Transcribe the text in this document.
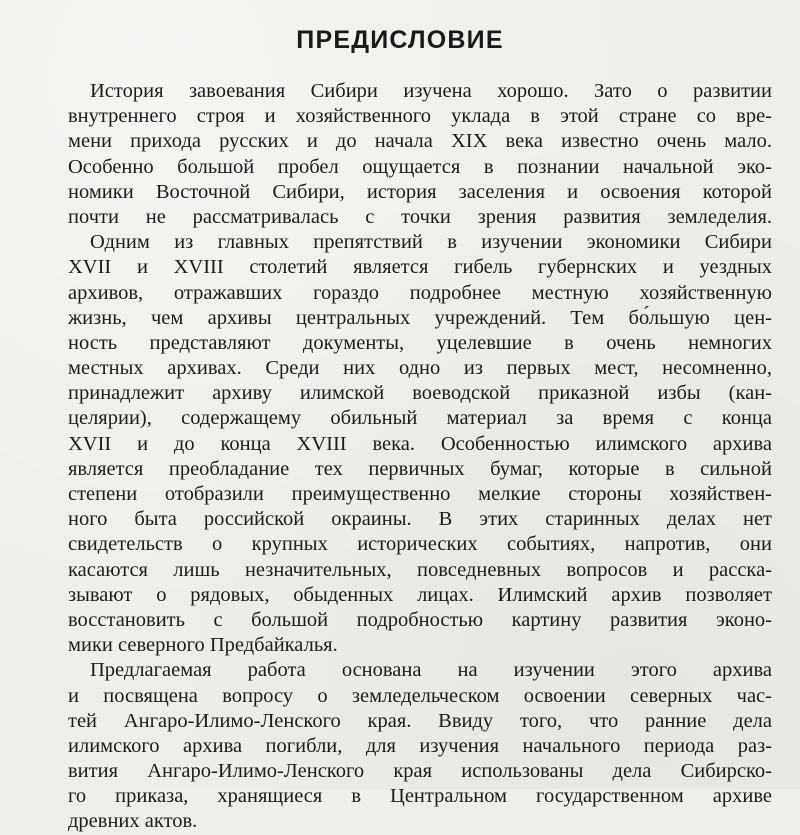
ПРЕДИСЛОВИЕ
История завоевания Сибири изучена хорошо. Зато о развитии
внутреннего строя и хозяйственного уклада в этой стране со вре-
мени прихода русских и до начала XIX века известно очень мало.
Особенно большой пробел ощущается в познании начальной эко-
номики Восточной Сибири, история заселения и освоения которой
почти не рассматривалась с точки зрения развития земледелия.
Одним из главных препятствий в изучении экономики Сибири
XVII и XVIII столетий является гибель губернских и уездных
архивов, отражавших гораздо подробнее местную хозяйственную
жизнь, чем архивы центральных учреждений. Тем бо́льшую цен-
ность представляют документы, уцелевшие в очень немногих
местных архивах. Среди них одно из первых мест, несомненно,
принадлежит архиву илимской воеводской приказной избы (кан-
целярии), содержащему обильный материал за время с конца
XVII и до конца XVIII века. Особенностью илимского архива
является преобладание тех первичных бумаг, которые в сильной
степени отобразили преимущественно мелкие стороны хозяйствен-
ного быта российской окраины. В этих старинных делах нет
свидетельств о крупных исторических событиях, напротив, они
касаются лишь незначительных, повседневных вопросов и расска-
зывают о рядовых, обыденных лицах. Илимский архив позволяет
восстановить с большой подробностью картину развития эконо-
мики северного Предбайкалья.
Предлагаемая работа основана на изучении этого архива
и посвящена вопросу о земледельческом освоении северных час-
тей Ангаро-Илимо-Ленского края. Ввиду того, что ранние дела
илимского архива погибли, для изучения начального периода раз-
вития Ангаро-Илимо-Ленского края использованы дела Сибирско-
го приказа, хранящиеся в Центральном государственном архиве
древних актов.
